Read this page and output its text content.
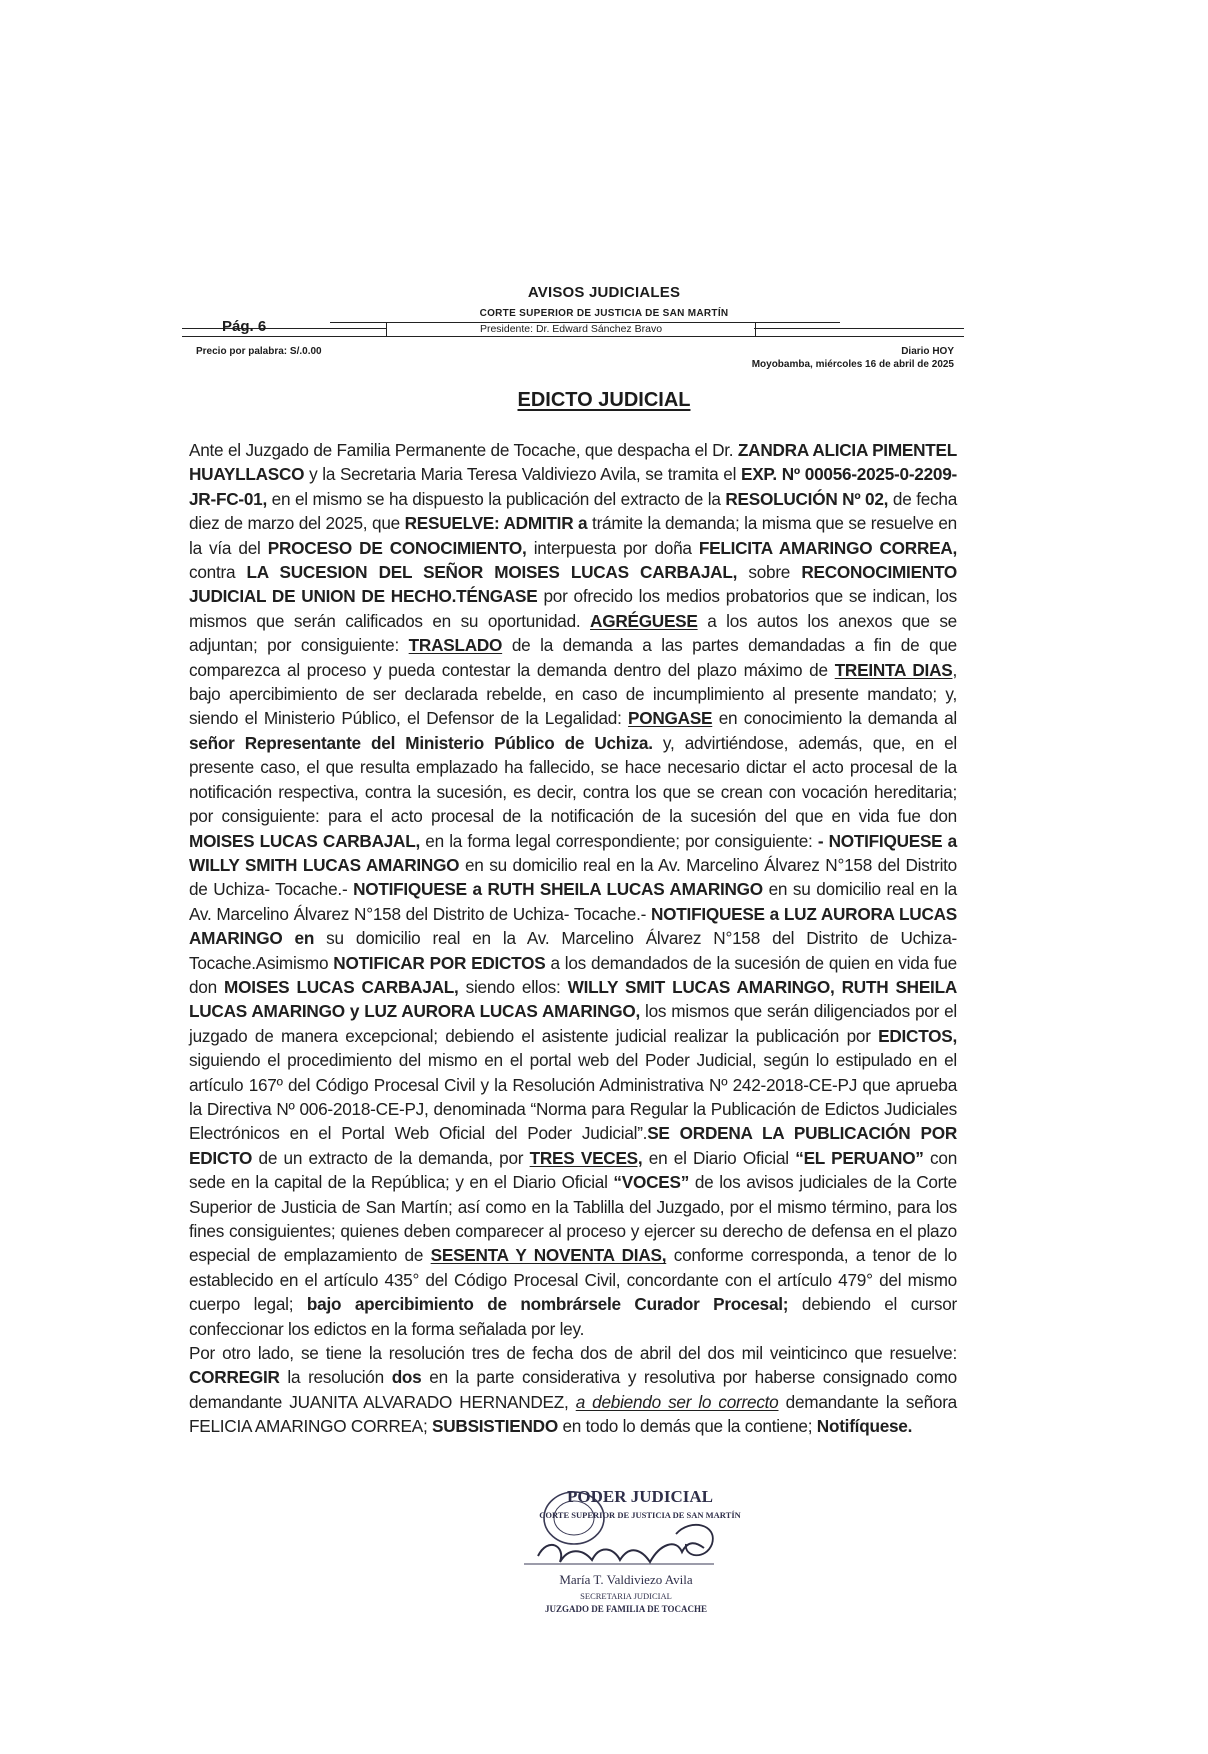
AVISOS JUDICIALES
CORTE SUPERIOR DE JUSTICIA DE SAN MARTÍN
Presidente: Dr. Edward Sánchez Bravo
Pág. 6
Precio por palabra: S/.0.00	Diario HOY
Moyobamba, miércoles 16 de abril de 2025
EDICTO JUDICIAL

Ante el Juzgado de Familia Permanente de Tocache, que despacha el Dr. ZANDRA ALICIA PIMENTEL HUAYLLASCO y la Secretaria Maria Teresa Valdiviezo Avila, se tramita el EXP. Nº 00056-2025-0-2209-JR-FC-01, en el mismo se ha dispuesto la publicación del extracto de la RESOLUCIÓN Nº 02, de fecha diez de marzo del 2025, que RESUELVE: ADMITIR a trámite la demanda; la misma que se resuelve en la vía del PROCESO DE CONOCIMIENTO, interpuesta por doña FELICITA AMARINGO CORREA, contra LA SUCESION DEL SEÑOR MOISES LUCAS CARBAJAL, sobre RECONOCIMIENTO JUDICIAL DE UNION DE HECHO.TÉNGASE por ofrecido los medios probatorios que se indican, los mismos que serán calificados en su oportunidad. AGRÉGUESE a los autos los anexos que se adjuntan; por consiguiente: TRASLADO de la demanda a las partes demandadas a fin de que comparezca al proceso y pueda contestar la demanda dentro del plazo máximo de TREINTA DIAS, bajo apercibimiento de ser declarada rebelde, en caso de incumplimiento al presente mandato; y, siendo el Ministerio Público, el Defensor de la Legalidad: PONGASE en conocimiento la demanda al señor Representante del Ministerio Público de Uchiza. y, advirtiéndose, además, que, en el presente caso, el que resulta emplazado ha fallecido, se hace necesario dictar el acto procesal de la notificación respectiva, contra la sucesión, es decir, contra los que se crean con vocación hereditaria; por consiguiente: para el acto procesal de la notificación de la sucesión del que en vida fue don MOISES LUCAS CARBAJAL, en la forma legal correspondiente; por consiguiente: - NOTIFIQUESE a WILLY SMITH LUCAS AMARINGO en su domicilio real en la Av. Marcelino Álvarez N°158 del Distrito de Uchiza- Tocache.- NOTIFIQUESE a RUTH SHEILA LUCAS AMARINGO en su domicilio real en la Av. Marcelino Álvarez N°158 del Distrito de Uchiza- Tocache.- NOTIFIQUESE a LUZ AURORA LUCAS AMARINGO en su domicilio real en la Av. Marcelino Álvarez N°158 del Distrito de Uchiza- Tocache.Asimismo NOTIFICAR POR EDICTOS a los demandados de la sucesión de quien en vida fue don MOISES LUCAS CARBAJAL, siendo ellos: WILLY SMIT LUCAS AMARINGO, RUTH SHEILA LUCAS AMARINGO y LUZ AURORA LUCAS AMARINGO, los mismos que serán diligenciados por el juzgado de manera excepcional; debiendo el asistente judicial realizar la publicación por EDICTOS, siguiendo el procedimiento del mismo en el portal web del Poder Judicial, según lo estipulado en el artículo 167º del Código Procesal Civil y la Resolución Administrativa Nº 242-2018-CE-PJ que aprueba la Directiva Nº 006-2018-CE-PJ, denominada “Norma para Regular la Publicación de Edictos Judiciales Electrónicos en el Portal Web Oficial del Poder Judicial”.SE ORDENA LA PUBLICACIÓN POR EDICTO de un extracto de la demanda, por TRES VECES, en el Diario Oficial “EL PERUANO” con sede en la capital de la República; y en el Diario Oficial “VOCES” de los avisos judiciales de la Corte Superior de Justicia de San Martín; así como en la Tablilla del Juzgado, por el mismo término, para los fines consiguientes; quienes deben comparecer al proceso y ejercer su derecho de defensa en el plazo especial de emplazamiento de SESENTA Y NOVENTA DIAS, conforme corresponda, a tenor de lo establecido en el artículo 435° del Código Procesal Civil, concordante con el artículo 479° del mismo cuerpo legal; bajo apercibimiento de nombrársele Curador Procesal; debiendo el cursor confeccionar los edictos en la forma señalada por ley.

Por otro lado, se tiene la resolución tres de fecha dos de abril del dos mil veinticinco que resuelve: CORREGIR la resolución dos en la parte considerativa y resolutiva por haberse consignado como demandante JUANITA ALVARADO HERNANDEZ, a debiendo ser lo correcto demandante la señora FELICIA AMARINGO CORREA; SUBSISTIENDO en todo lo demás que la contiene; Notifíquese.

PODER JUDICIAL
CORTE SUPERIOR DE JUSTICIA DE SAN MARTÍN
María T. Valdiviezo Avila
SECRETARIA JUDICIAL
JUZGADO DE FAMILIA DE TOCACHE
